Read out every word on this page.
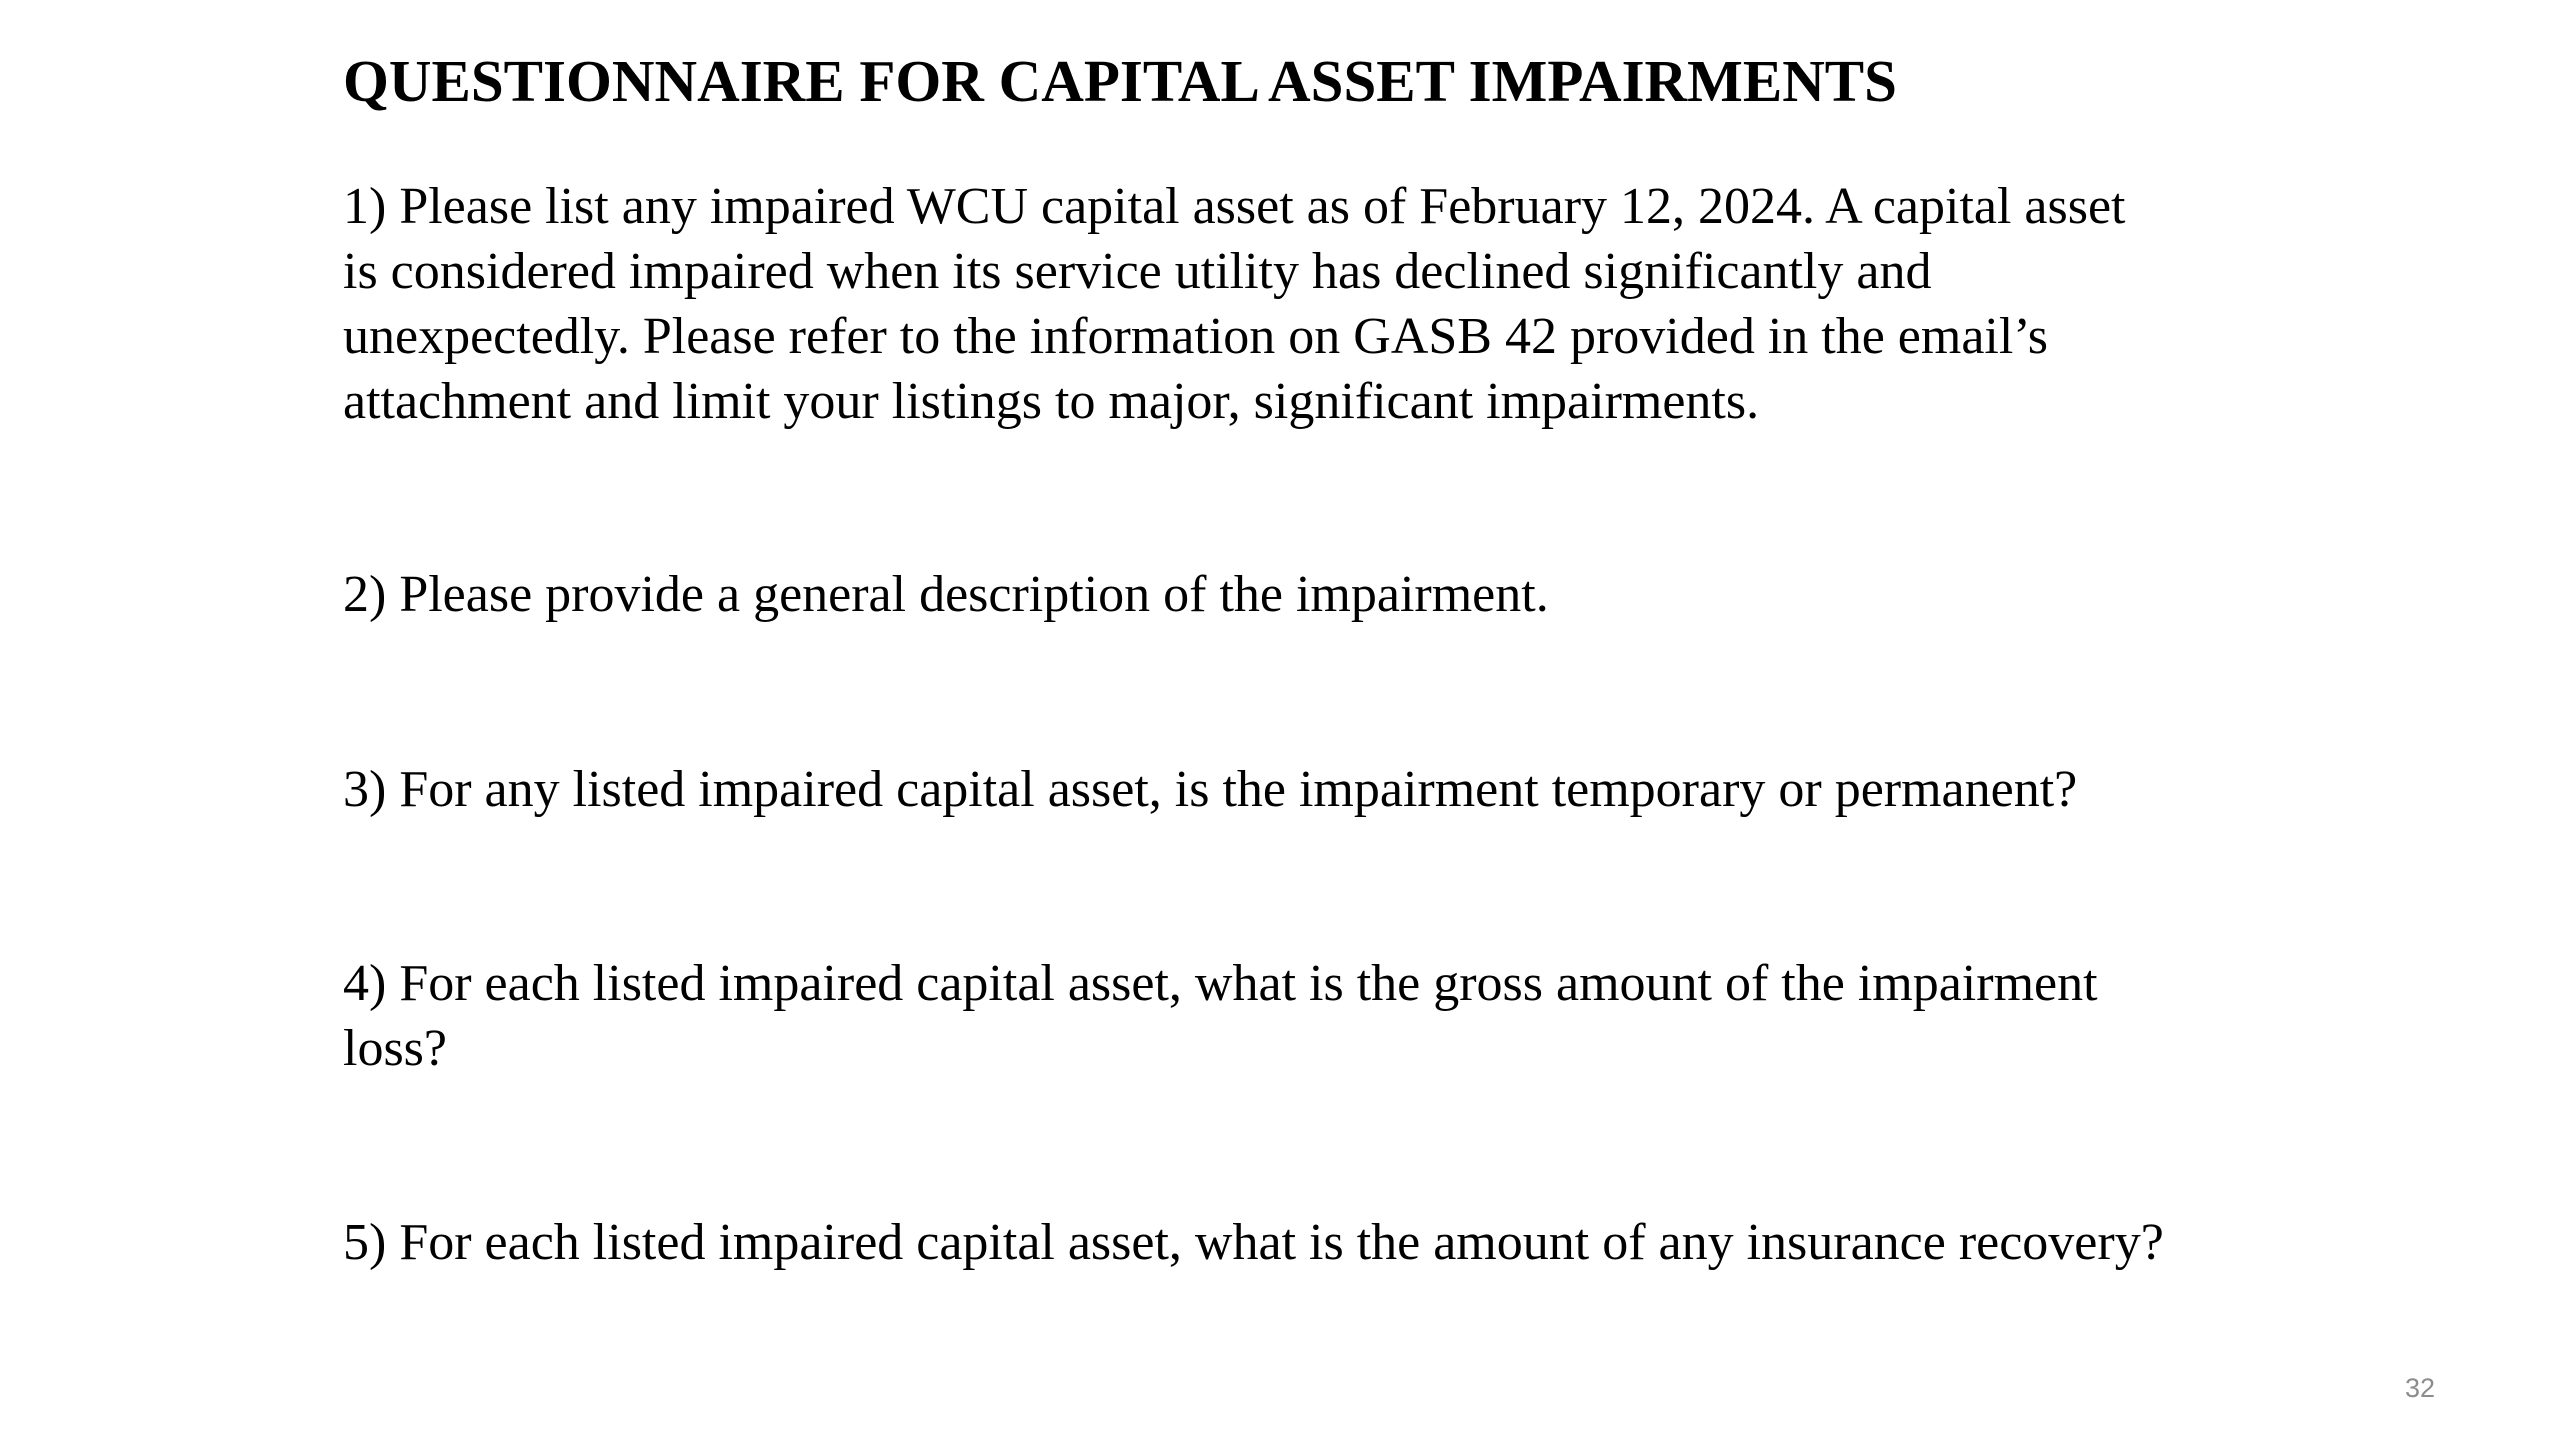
QUESTIONNAIRE FOR CAPITAL ASSET IMPAIRMENTS

1) Please list any impaired WCU capital asset as of February 12, 2024. A capital asset
is considered impaired when its service utility has declined significantly and
unexpectedly. Please refer to the information on GASB 42 provided in the email’s
attachment and limit your listings to major, significant impairments.

2) Please provide a general description of the impairment.

3) For any listed impaired capital asset, is the impairment temporary or permanent?

4) For each listed impaired capital asset, what is the gross amount of the impairment
loss?

5) For each listed impaired capital asset, what is the amount of any insurance recovery?

32
